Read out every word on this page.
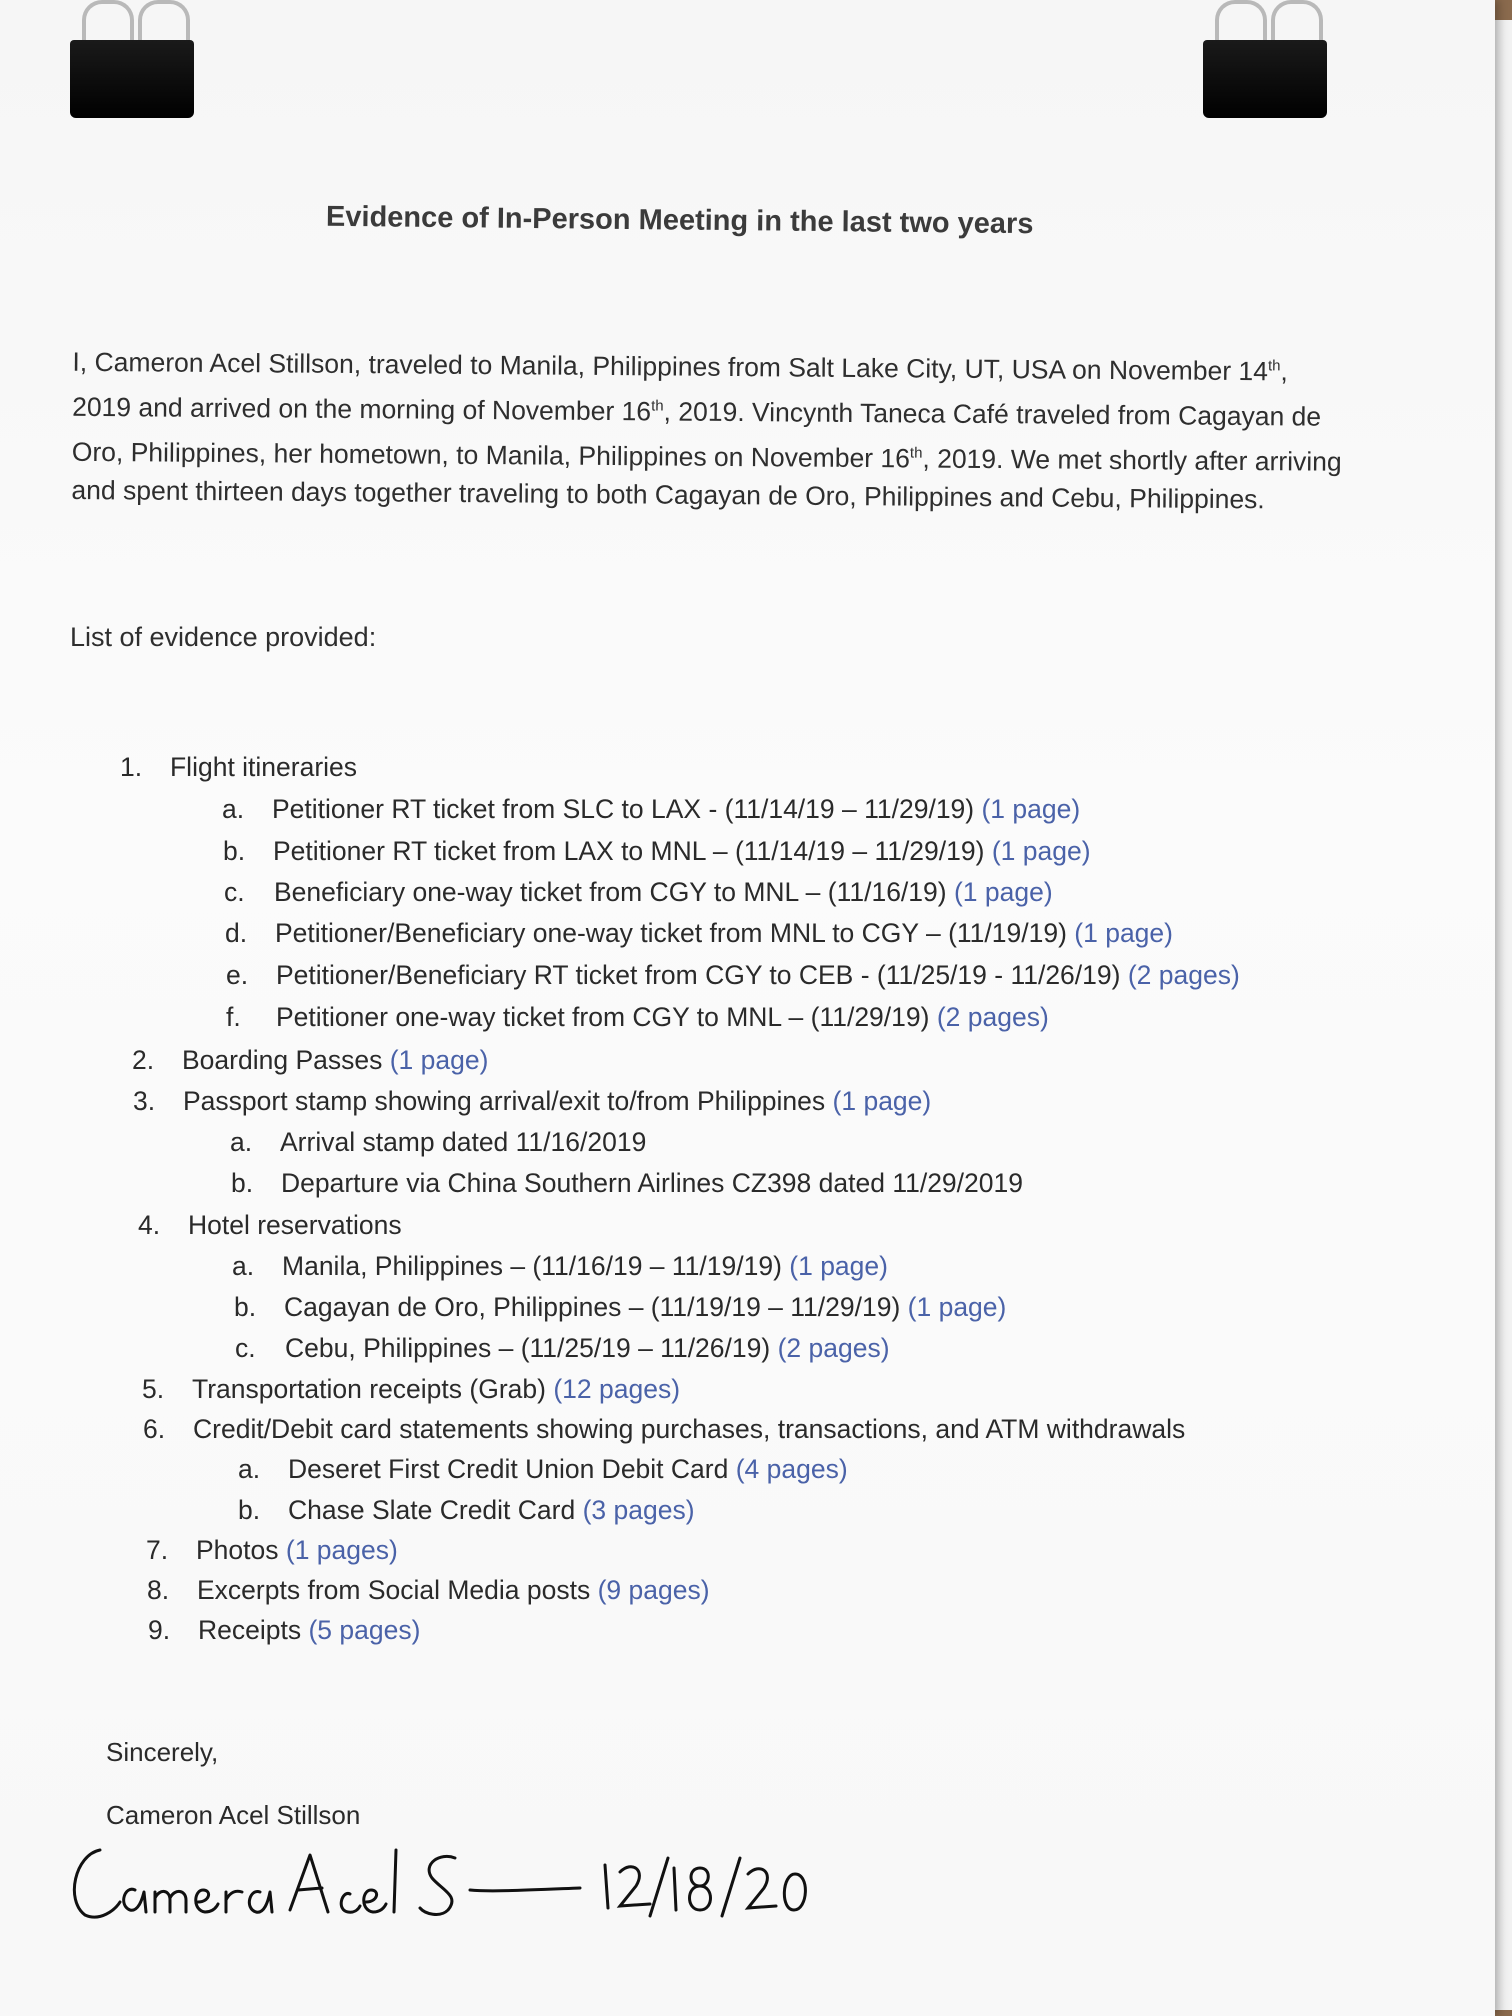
Evidence of In-Person Meeting in the last two years
I, Cameron Acel Stillson, traveled to Manila, Philippines from Salt Lake City, UT, USA on November 14th, 2019 and arrived on the morning of November 16th, 2019. Vincynth Taneca Café traveled from Cagayan de Oro, Philippines, her hometown, to Manila, Philippines on November 16th, 2019. We met shortly after arriving and spent thirteen days together traveling to both Cagayan de Oro, Philippines and Cebu, Philippines.
List of evidence provided:
1. Flight itineraries
a. Petitioner RT ticket from SLC to LAX - (11/14/19 – 11/29/19) (1 page)
b. Petitioner RT ticket from LAX to MNL – (11/14/19 – 11/29/19) (1 page)
c. Beneficiary one-way ticket from CGY to MNL – (11/16/19) (1 page)
d. Petitioner/Beneficiary one-way ticket from MNL to CGY – (11/19/19) (1 page)
e. Petitioner/Beneficiary RT ticket from CGY to CEB - (11/25/19 - 11/26/19) (2 pages)
f. Petitioner one-way ticket from CGY to MNL – (11/29/19) (2 pages)
2. Boarding Passes (1 page)
3. Passport stamp showing arrival/exit to/from Philippines (1 page)
a. Arrival stamp dated 11/16/2019
b. Departure via China Southern Airlines CZ398 dated 11/29/2019
4. Hotel reservations
a. Manila, Philippines – (11/16/19 – 11/19/19) (1 page)
b. Cagayan de Oro, Philippines – (11/19/19 – 11/29/19) (1 page)
c. Cebu, Philippines – (11/25/19 – 11/26/19) (2 pages)
5. Transportation receipts (Grab) (12 pages)
6. Credit/Debit card statements showing purchases, transactions, and ATM withdrawals
a. Deseret First Credit Union Debit Card (4 pages)
b. Chase Slate Credit Card (3 pages)
7. Photos (1 pages)
8. Excerpts from Social Media posts (9 pages)
9. Receipts (5 pages)
Sincerely,
Cameron Acel Stillson
